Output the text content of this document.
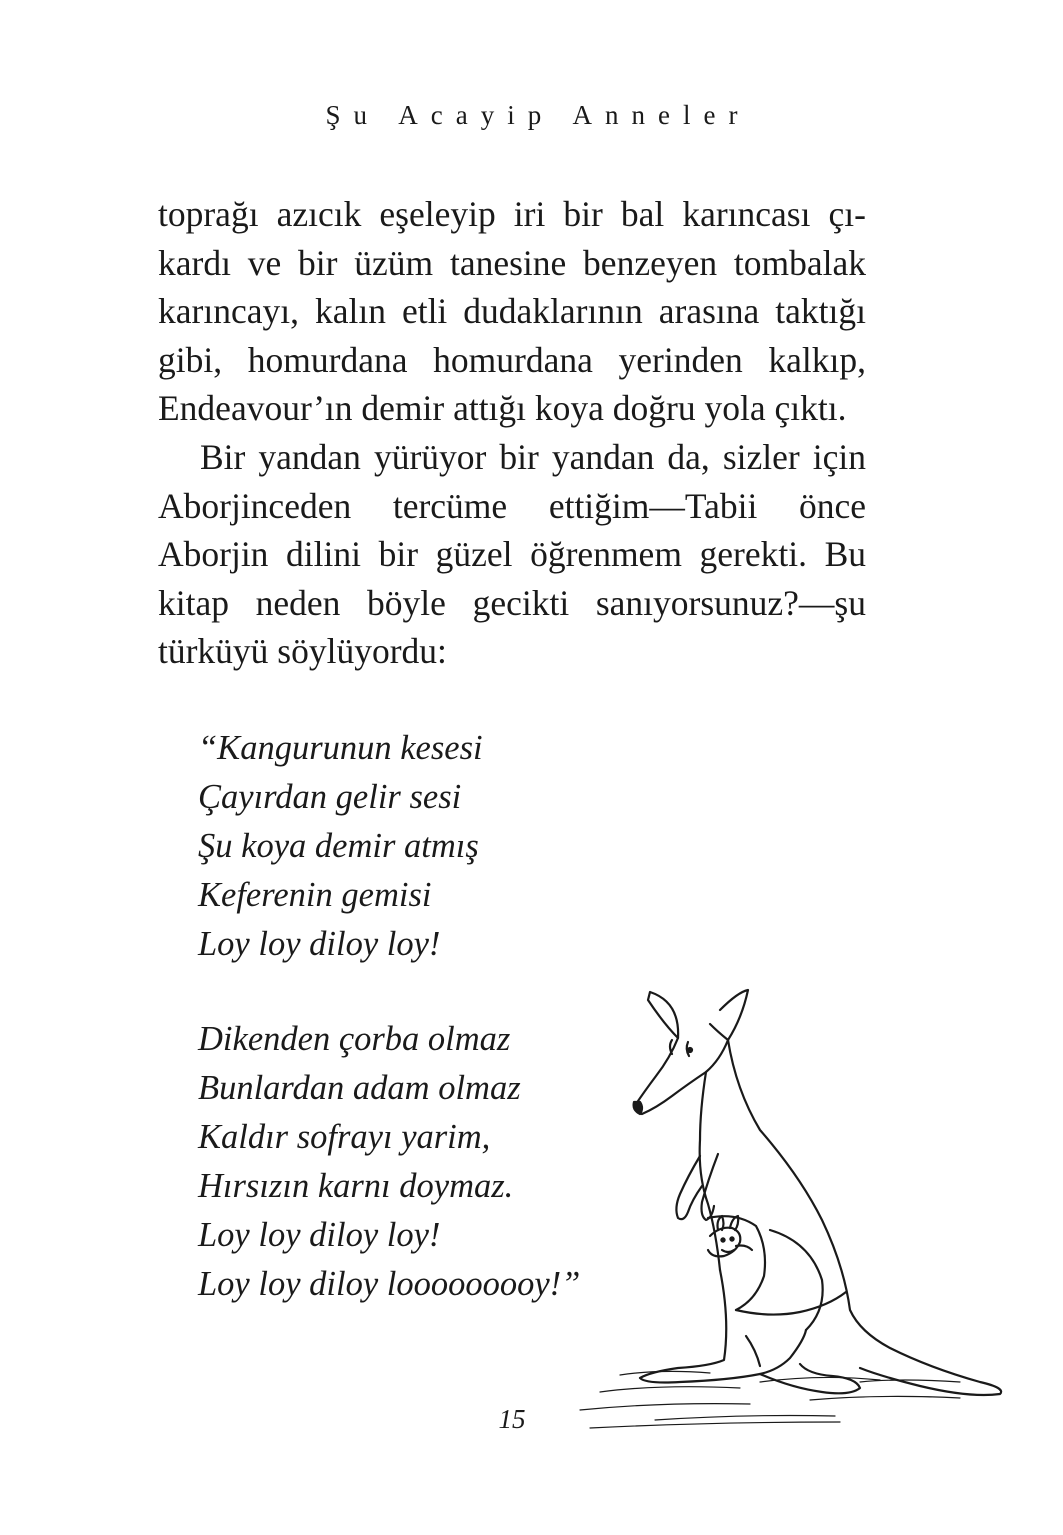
Şu Acayip Anneler

toprağı azıcık eşeleyip iri bir bal karıncası çı-
kardı ve bir üzüm tanesine benzeyen tombalak
karıncayı, kalın etli dudaklarının arasına taktığı
gibi, homurdana homurdana yerinden kalkıp,
Endeavour’ın demir attığı koya doğru yola çıktı.

Bir yandan yürüyor bir yandan da, sizler için
Aborjinceden tercüme ettiğim—Tabii önce
Aborjin dilini bir güzel öğrenmem gerekti. Bu
kitap neden böyle gecikti sanıyorsunuz?—şu
türküyü söylüyordu:

“Kangurunun kesesi
Çayırdan gelir sesi
Şu koya demir atmış
Keferenin gemisi
Loy loy diloy loy!
Dikenden çorba olmaz
Bunlardan adam olmaz
Kaldır sofrayı yarim,
Hırsızın karnı doymaz.
Loy loy diloy loy!
Loy loy diloy looooooooy!”
15
